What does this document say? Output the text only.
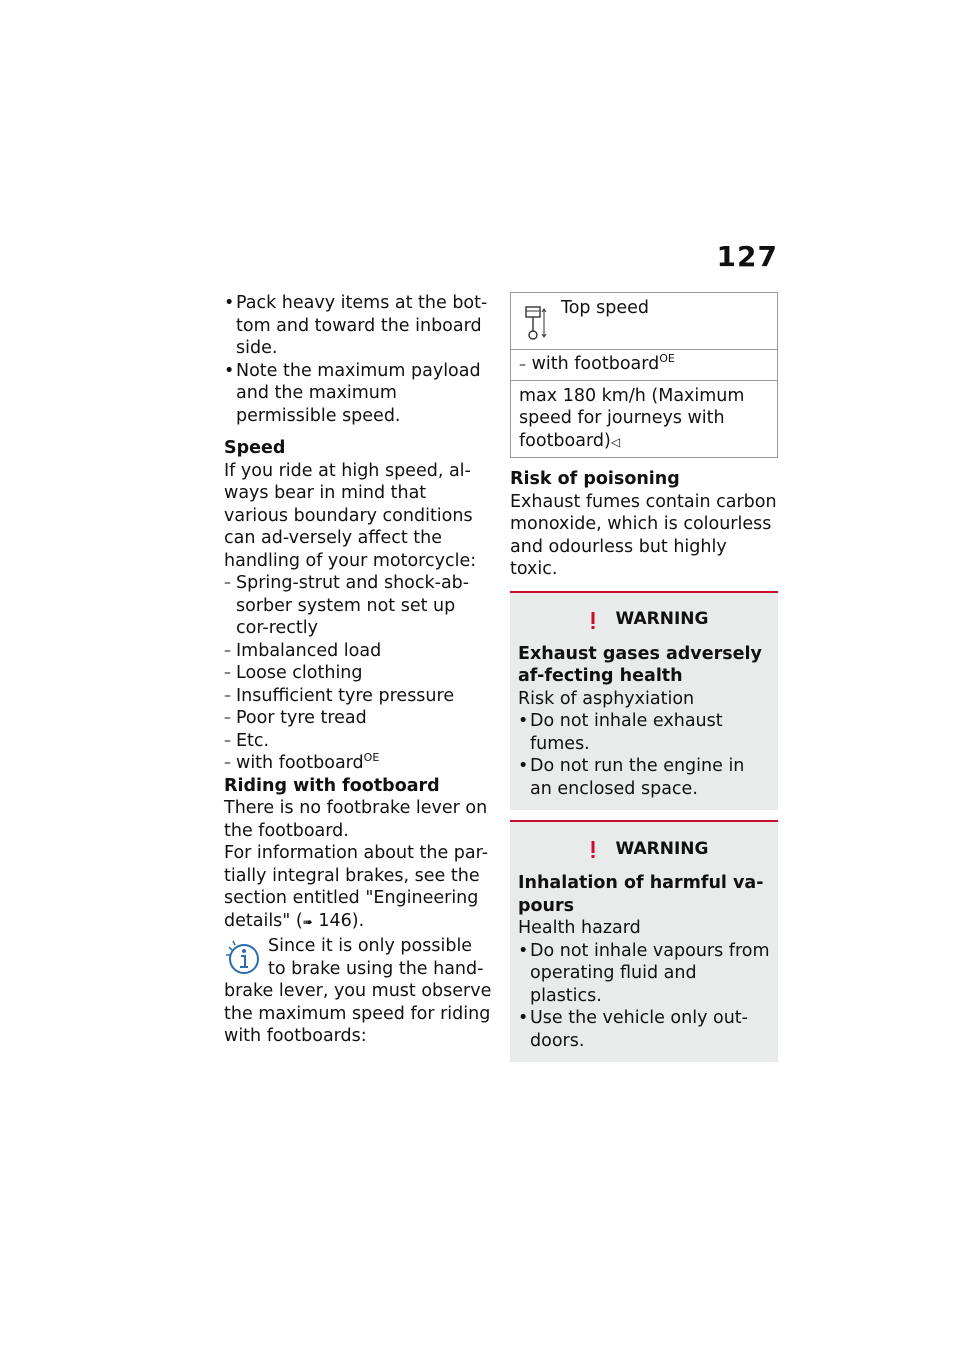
127
• Pack heavy items at the bot-tom and toward the inboard side.
• Note the maximum payload and the maximum permissible speed.

Speed

If you ride at high speed, al-ways bear in mind that various boundary conditions can ad-versely affect the handling of your motorcycle:

– Spring-strut and shock-ab-sorber system not set up cor-rectly
– Imbalanced load
– Loose clothing
– Insufficient tyre pressure
– Poor tyre tread
– Etc.
– with footboard$^{OE}$

Riding with footboard

There is no footbrake lever on the footboard.

For information about the par-tially integral brakes, see the section entitled "Engineering details" (➠ 146).

Since it is only possible to brake using the hand-brake lever, you must observe the maximum speed for riding with footboards:

Top speed
– with footboard$^{OE}$
max 180 km/h (Maximum speed for journeys with footboard)◁

Risk of poisoning

Exhaust fumes contain carbon monoxide, which is colourless and odourless but highly toxic.

WARNING

Exhaust gases adversely af-fecting health

Risk of asphyxiation

• Do not inhale exhaust fumes.
• Do not run the engine in an enclosed space.
WARNING

Inhalation of harmful va-pours

Health hazard

• Do not inhale vapours from operating fluid and plastics.
• Use the vehicle only out-doors.
